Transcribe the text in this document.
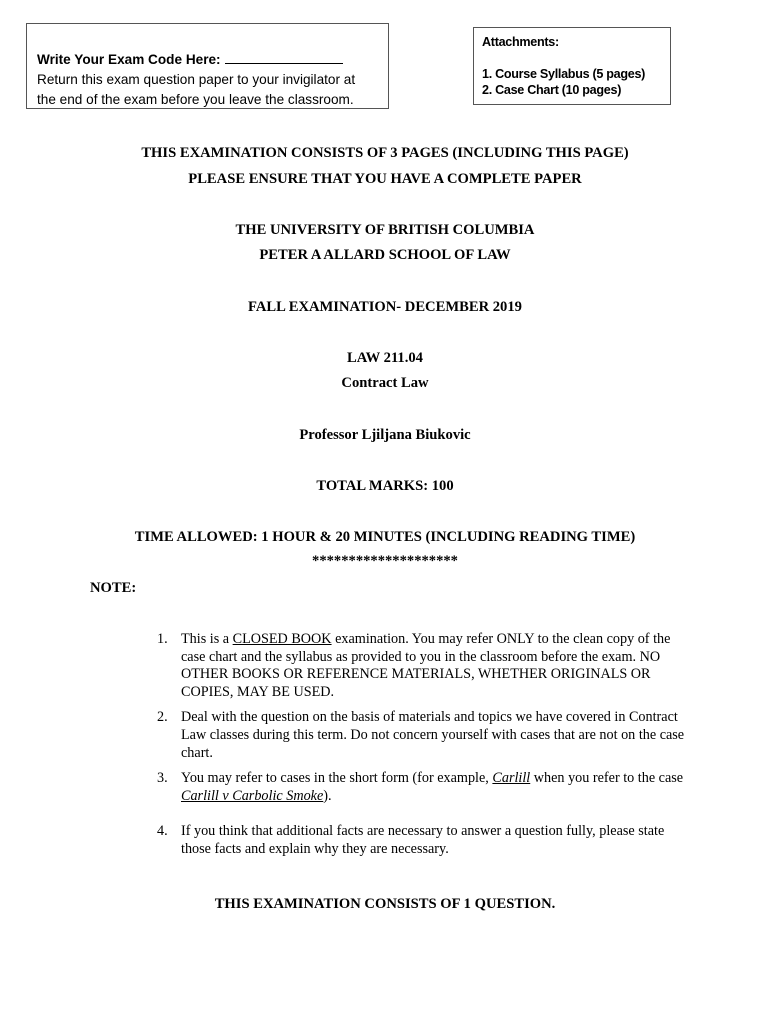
Write Your Exam Code Here:
Return this exam question paper to your invigilator at
the end of the exam before you leave the classroom.
Attachments:
1. Course Syllabus (5 pages)
2. Case Chart (10 pages)
THIS EXAMINATION CONSISTS OF 3 PAGES (INCLUDING THIS PAGE)
PLEASE ENSURE THAT YOU HAVE A COMPLETE PAPER
THE UNIVERSITY OF BRITISH COLUMBIA
PETER A ALLARD SCHOOL OF LAW
FALL EXAMINATION- DECEMBER 2019
LAW 211.04
Contract Law
Professor Ljiljana Biukovic
TOTAL MARKS: 100
TIME ALLOWED: 1 HOUR & 20 MINUTES (INCLUDING READING TIME)
********************
NOTE:
1. This is a CLOSED BOOK examination. You may refer ONLY to the clean copy of the case chart and the syllabus as provided to you in the classroom before the exam. NO OTHER BOOKS OR REFERENCE MATERIALS, WHETHER ORIGINALS OR COPIES, MAY BE USED.
2. Deal with the question on the basis of materials and topics we have covered in Contract Law classes during this term. Do not concern yourself with cases that are not on the case chart.
3. You may refer to cases in the short form (for example, Carlill when you refer to the case Carlill v Carbolic Smoke).
4. If you think that additional facts are necessary to answer a question fully, please state those facts and explain why they are necessary.
THIS EXAMINATION CONSISTS OF 1 QUESTION.
